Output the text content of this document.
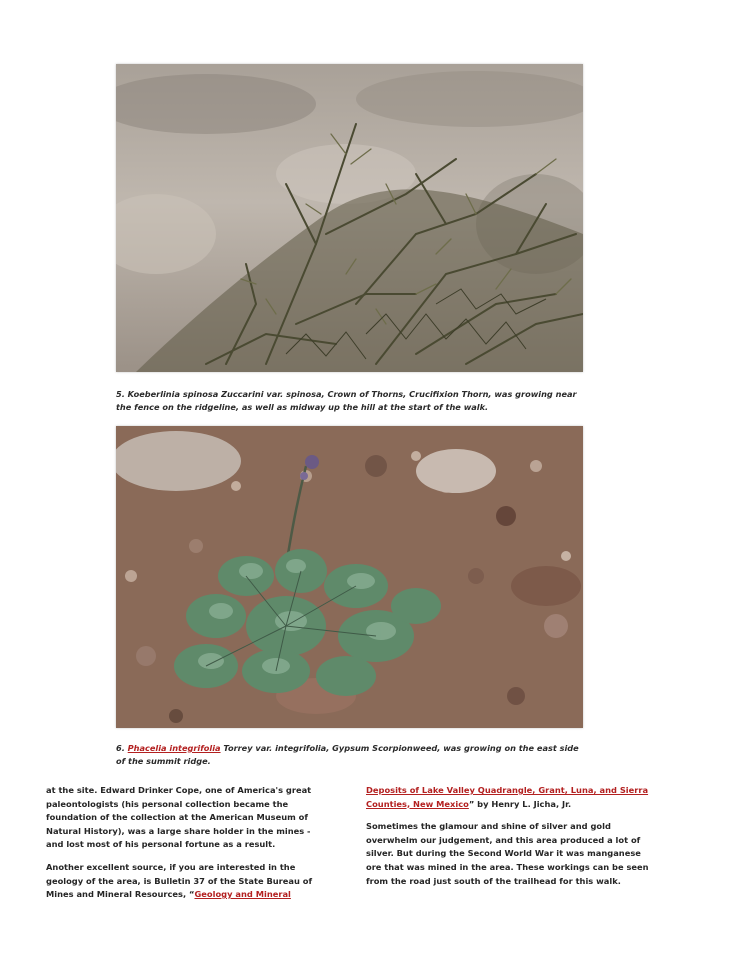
5. Koeberlinia spinosa Zuccarini var. spinosa, Crown of Thorns, Crucifixion Thorn, was growing near the fence on the ridgeline, as well as midway up the hill at the start of the walk.
6. Phacelia integrifolia Torrey var. integrifolia, Gypsum Scorpionweed, was growing on the east side of the summit ridge.

at the site. Edward Drinker Cope, one of America's great paleontologists (his personal collection became the foundation of the collection at the American Museum of Natural History), was a large share holder in the mines - and lost most of his personal fortune as a result.

Another excellent source, if you are interested in the geology of the area, is Bulletin 37 of the State Bureau of Mines and Mineral Resources, “Geology and Mineral

Deposits of Lake Valley Quadrangle, Grant, Luna, and Sierra Counties, New Mexico” by Henry L. Jicha, Jr.

Sometimes the glamour and shine of silver and gold overwhelm our judgement, and this area produced a lot of silver. But during the Second World War it was manganese ore that was mined in the area. These workings can be seen from the road just south of the trailhead for this walk.
